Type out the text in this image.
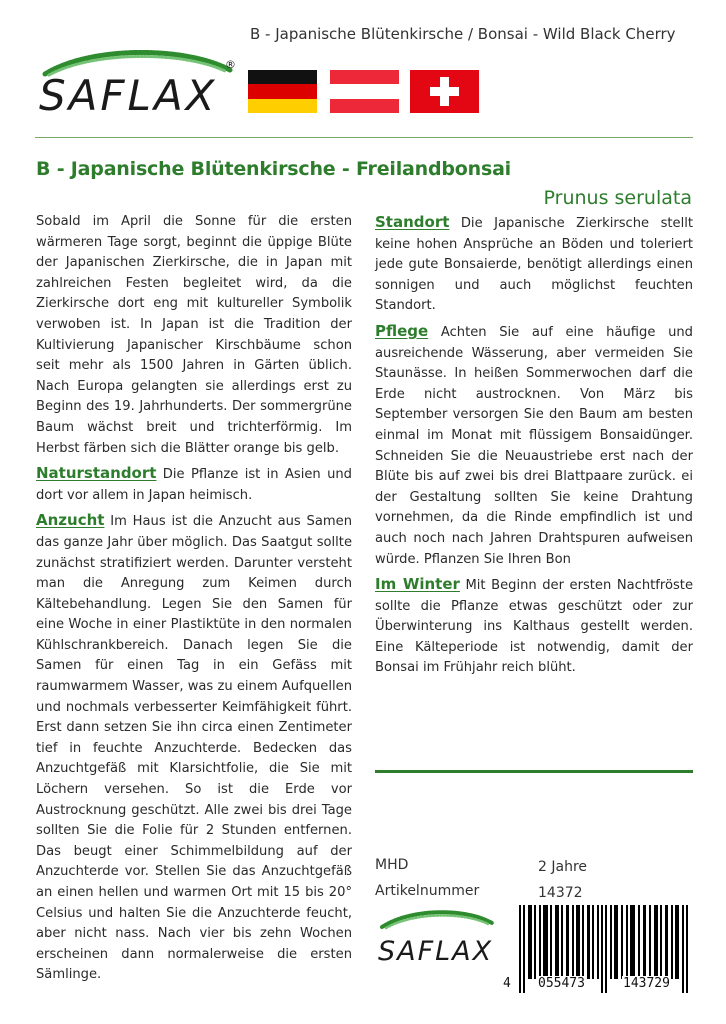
B - Japanische Blütenkirsche / Bonsai - Wild Black Cherry
SAFLAX
®
B - Japanische Blütenkirsche - Freilandbonsai
Prunus serulata

Sobald im April die Sonne für die ersten wärmeren Tage sorgt, beginnt die üppige Blüte der Japanischen Zierkirsche, die in Japan mit zahlreichen Festen begleitet wird, da die Zierkirsche dort eng mit kultureller Symbolik verwoben ist. In Japan ist die Tradition der Kultivierung Japanischer Kirschbäume schon seit mehr als 1500 Jahren in Gärten üblich. Nach Europa gelangten sie allerdings erst zu Beginn des 19. Jahrhunderts. Der sommergrüne Baum wächst breit und trichterförmig. Im Herbst färben sich die Blätter orange bis gelb.

Naturstandort Die Pflanze ist in Asien und dort vor allem in Japan heimisch.

Anzucht Im Haus ist die Anzucht aus Samen das ganze Jahr über möglich. Das Saatgut sollte zunächst stratifiziert werden. Darunter versteht man die Anregung zum Keimen durch Kältebehandlung. Legen Sie den Samen für eine Woche in einer Plastiktüte in den normalen Kühlschrankbereich. Danach legen Sie die Samen für einen Tag in ein Gefäss mit raumwarmem Wasser, was zu einem Aufquellen und nochmals verbesserter Keimfähigkeit führt. Erst dann setzen Sie ihn circa einen Zentimeter tief in feuchte Anzuchterde. Bedecken das Anzuchtgefäß mit Klarsichtfolie, die Sie mit Löchern versehen. So ist die Erde vor Austrocknung geschützt. Alle zwei bis drei Tage sollten Sie die Folie für 2 Stunden entfernen. Das beugt einer Schimmelbildung auf der Anzuchterde vor. Stellen Sie das Anzuchtgefäß an einen hellen und warmen Ort mit 15 bis 20° Celsius und halten Sie die Anzuchterde feucht, aber nicht nass. Nach vier bis zehn Wochen erscheinen dann normalerweise die ersten Sämlinge.

Standort Die Japanische Zierkirsche stellt keine hohen Ansprüche an Böden und toleriert jede gute Bonsaierde, benötigt allerdings einen sonnigen und auch möglichst feuchten Standort.

Pflege Achten Sie auf eine häufige und ausreichende Wässerung, aber vermeiden Sie Staunässe. In heißen Sommerwochen darf die Erde nicht austrocknen. Von März bis September versorgen Sie den Baum am besten einmal im Monat mit flüssigem Bonsaidünger. Schneiden Sie die Neuaustriebe erst nach der Blüte bis auf zwei bis drei Blattpaare zurück. ei der Gestaltung sollten Sie keine Drahtung vornehmen, da die Rinde empfindlich ist und auch noch nach Jahren Drahtspuren aufweisen würde. Pflanzen Sie Ihren Bon

Im Winter Mit Beginn der ersten Nachtfröste sollte die Pflanze etwas geschützt oder zur Überwinterung ins Kalthaus gestellt werden. Eine Kälteperiode ist notwendig, damit der Bonsai im Frühjahr reich blüht.

MHD	2 Jahre
Artikelnummer	14372
SAFLAX
4 055473	143729
